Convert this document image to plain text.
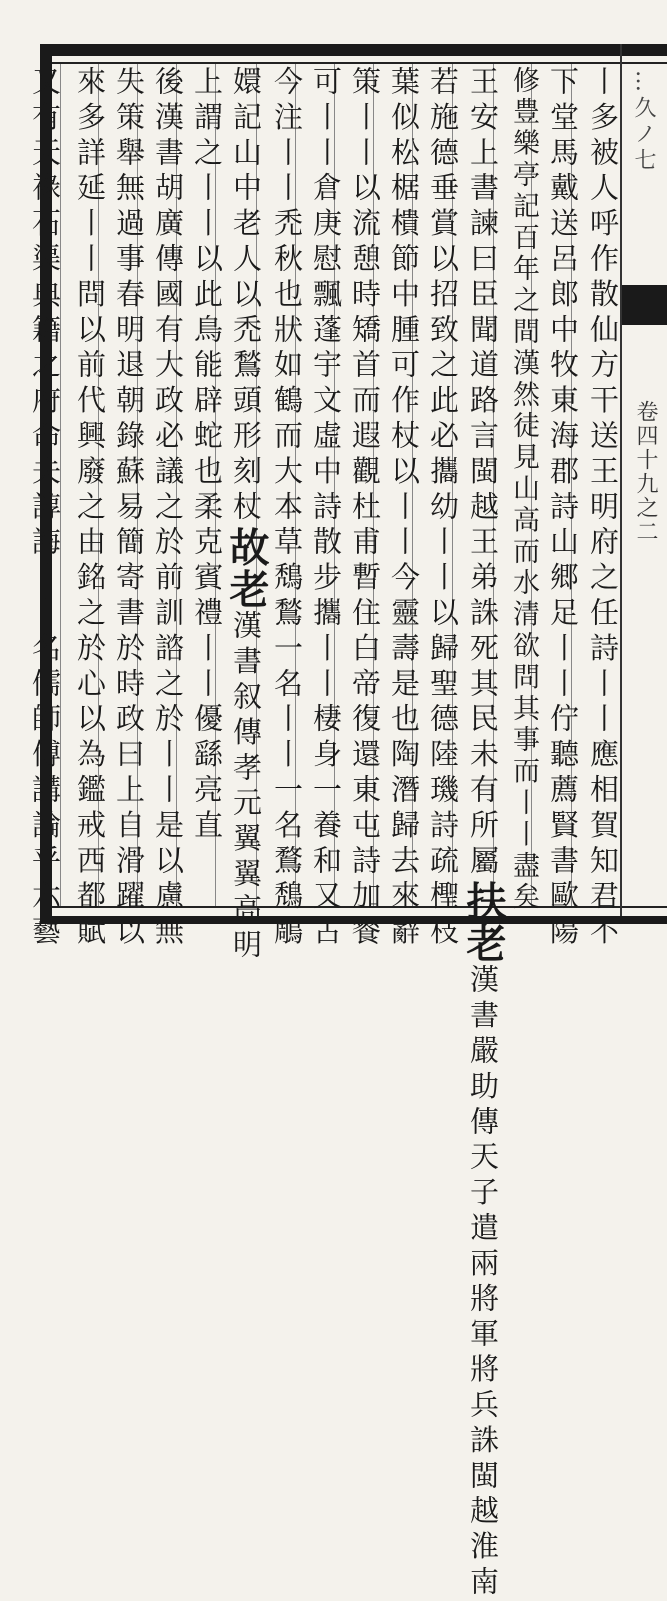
…久ノ七
卷四十九之二
丨多被人呼作散仙方干送王明府之任詩丨丨應相賀知君不
下堂馬戴送呂郎中牧東海郡詩山郷足丨丨佇聽薦賢書歐陽
修豊樂亭記百年之間漢然徒見山高而水清欲問其事而丨丨盡矣
王安上書諫曰臣聞道路言閩越王弟誅死其民未有所屬扶老漢書嚴助傳天子遣兩將軍將兵誅閩越淮南
若施德垂賞以招致之此必攜幼丨丨以歸聖德陸璣詩疏檉枝
葉似松椐樻節中腫可作杖以丨丨今靈壽是也陶潛歸去來辭
策丨丨以流憩時矯首而遐觀杜甫暫住白帝復還東屯詩加餐
可丨丨倉庚慰飄蓬宇文虛中詩散步攜丨丨棲身一養和又古
今注丨丨禿秋也狀如鶴而大本草鵚鶖一名丨丨一名鶩鵚鵰
嬛記山中老人以禿鶖頭形刻杖故老漢書叙傳孝元翼翼高明
上謂之丨丨以此鳥能辟蛇也柔克賓禮丨丨優繇亮直
後漢書胡廣傳國有大政必議之於前訓諮之於丨丨是以慮無
失策舉無過事春明退朝錄蘇易簡寄書於時政曰上自滑躍以
來多詳延丨丨問以前代興廢之由銘之於心以為鑑戒西都賦
又有天祿石渠典籍之府命夫諄誨丨丨名儒師傅講論乎六藝
